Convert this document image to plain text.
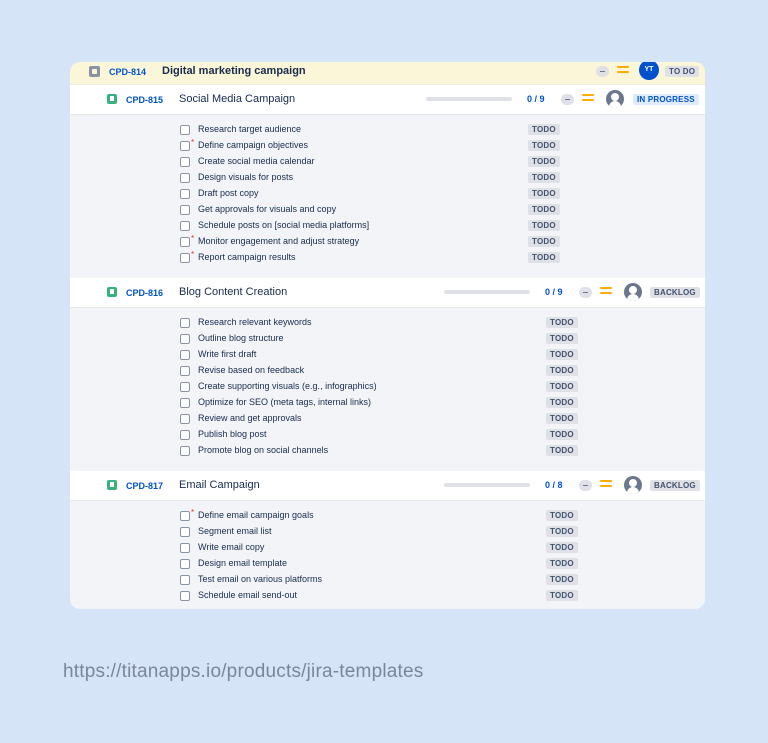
CPD-814 Digital marketing campaign	YT	TO DO
CPD-815 Social Media Campaign	0 / 9	IN PROGRESS
Research target audience	TODO
* Define campaign objectives	TODO
Create social media calendar	TODO
Design visuals for posts	TODO
Draft post copy	TODO
Get approvals for visuals and copy	TODO
Schedule posts on [social media platforms]	TODO
* Monitor engagement and adjust strategy	TODO
* Report campaign results	TODO
CPD-816 Blog Content Creation	0 / 9	BACKLOG
Research relevant keywords	TODO
Outline blog structure	TODO
Write first draft	TODO
Revise based on feedback	TODO
Create supporting visuals (e.g., infographics)	TODO
Optimize for SEO (meta tags, internal links)	TODO
Review and get approvals	TODO
Publish blog post	TODO
Promote blog on social channels	TODO
CPD-817 Email Campaign	0 / 8	BACKLOG
* Define email campaign goals	TODO
Segment email list	TODO
Write email copy	TODO
Design email template	TODO
Test email on various platforms	TODO
Schedule email send-out	TODO
https://titanapps.io/products/jira-templates
